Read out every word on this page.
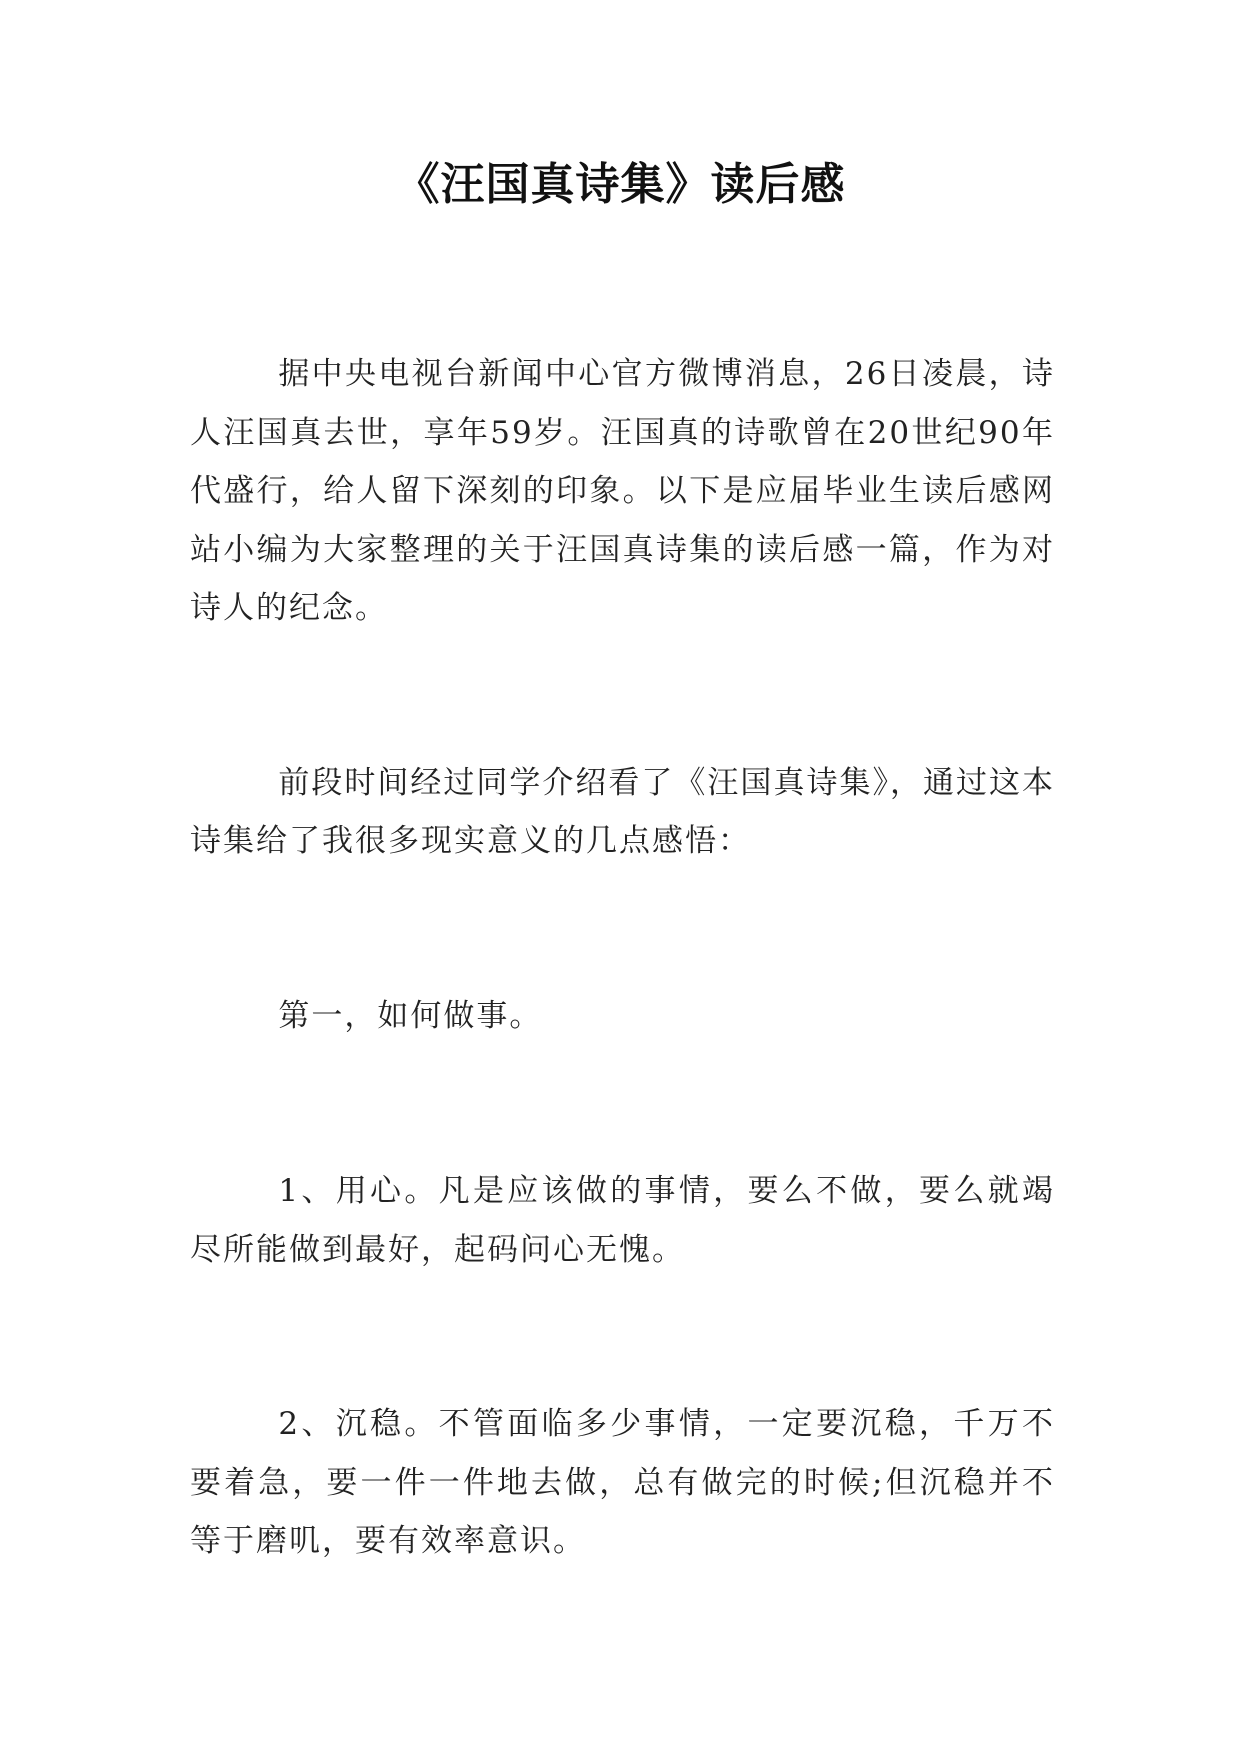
《汪国真诗集》读后感

据中央电视台新闻中心官方微博消息，26日凌晨，诗人汪国真去世，享年59岁。汪国真的诗歌曾在20世纪90年代盛行，给人留下深刻的印象。以下是应届毕业生读后感网站小编为大家整理的关于汪国真诗集的读后感一篇，作为对诗人的纪念。

前段时间经过同学介绍看了《汪国真诗集》，通过这本诗集给了我很多现实意义的几点感悟：

第一，如何做事。

1、用心。凡是应该做的事情，要么不做，要么就竭尽所能做到最好，起码问心无愧。

2、沉稳。不管面临多少事情，一定要沉稳，千万不要着急，要一件一件地去做，总有做完的时候;但沉稳并不等于磨叽，要有效率意识。
